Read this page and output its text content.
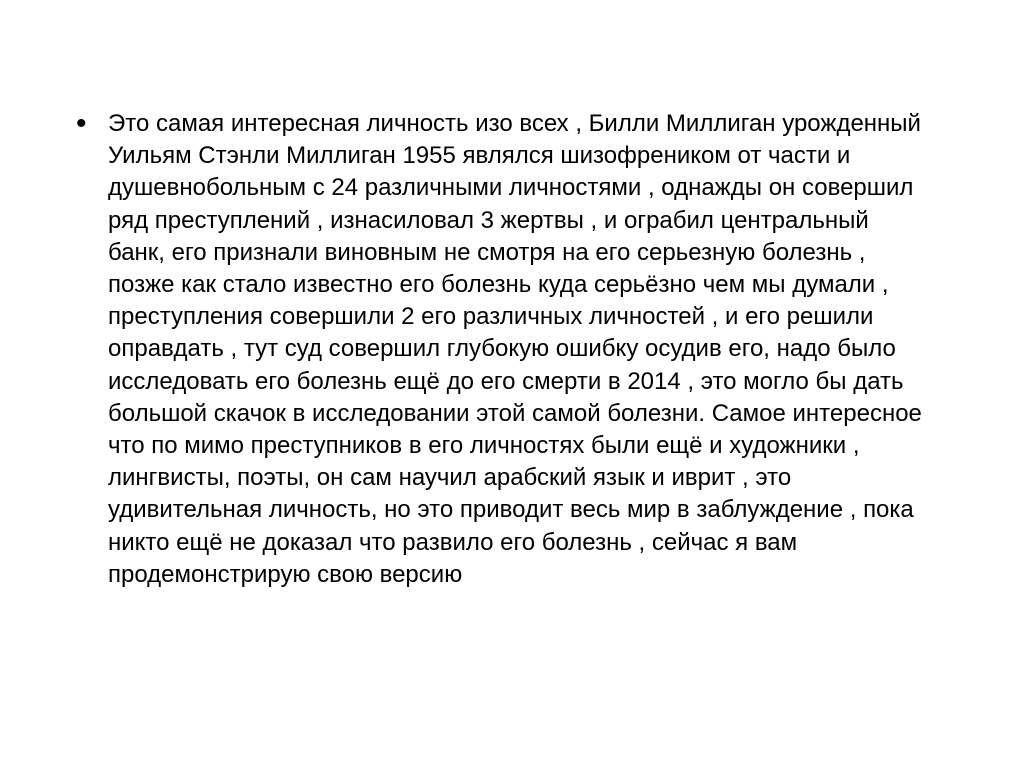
• Это самая интересная личность изо всех , Билли Миллиган урожденный Уильям Стэнли Миллиган 1955 являлся шизофреником от части и душевнобольным с 24 различными личностями , однажды он совершил ряд преступлений , изнасиловал 3 жертвы , и ограбил центральный банк, его признали виновным не смотря на его серьезную болезнь , позже как стало известно его болезнь куда серьёзно чем мы думали , преступления совершили 2 его различных личностей , и его решили оправдать , тут суд совершил глубокую ошибку осудив его, надо было исследовать его болезнь ещё до его смерти в 2014 , это могло бы дать большой скачок в исследовании этой самой болезни. Самое интересное что по мимо преступников в его личностях были ещё и художники , лингвисты, поэты, он сам научил арабский язык и иврит , это удивительная личность, но это приводит весь мир в заблуждение , пока никто ещё не доказал что развило его болезнь , сейчас я вам продемонстрирую свою версию
